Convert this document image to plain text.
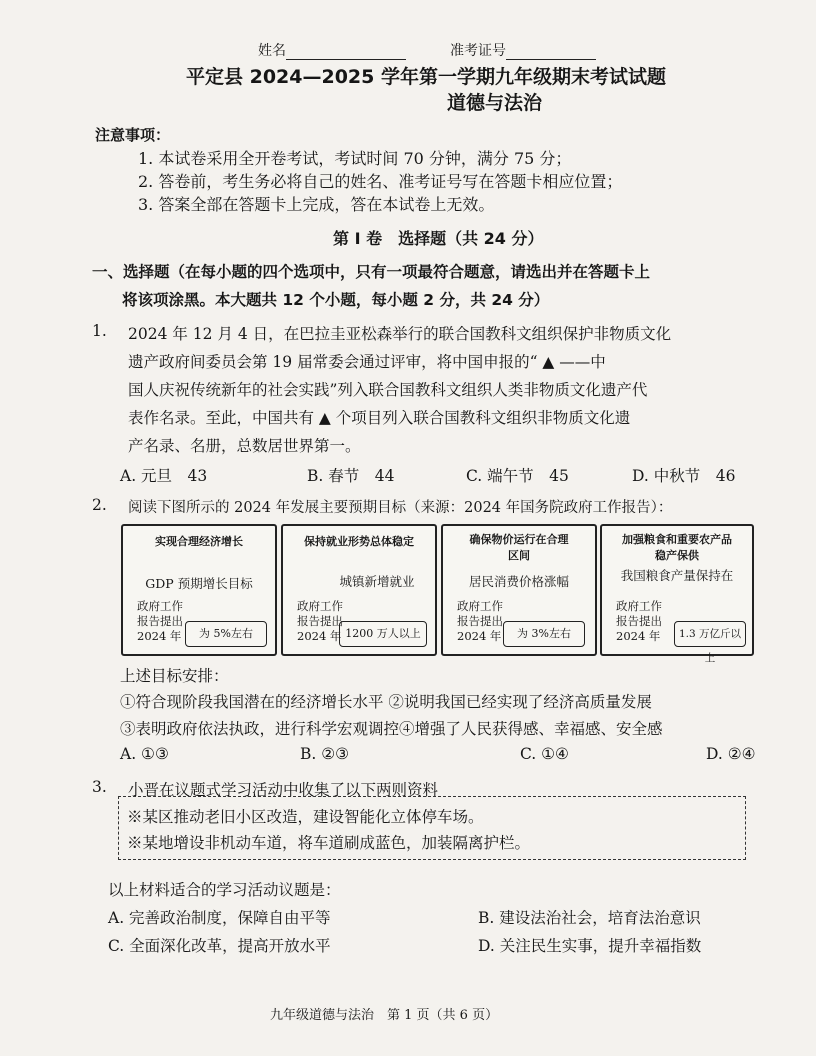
姓名	准考证号
平定县 2024—2025 学年第一学期九年级期末考试试题
道德与法治
注意事项：
1. 本试卷采用全开卷考试，考试时间 70 分钟，满分 75 分；
2. 答卷前，考生务必将自己的姓名、准考证号写在答题卡相应位置；
3. 答案全部在答题卡上完成，答在本试卷上无效。
第 Ⅰ 卷　选择题（共 24 分）
一、选择题（在每小题的四个选项中，只有一项最符合题意，请选出并在答题卡上
将该项涂黑。本大题共 12 个小题，每小题 2 分，共 24 分）
1. 2024 年 12 月 4 日，在巴拉圭亚松森举行的联合国教科文组织保护非物质文化
遗产政府间委员会第 19 届常委会通过评审，将中国申报的“ ▲ ——中
国人庆祝传统新年的社会实践”列入联合国教科文组织人类非物质文化遗产代
表作名录。至此，中国共有 ▲ 个项目列入联合国教科文组织非物质文化遗
产名录、名册，总数居世界第一。
A. 元旦　43	B. 春节　44	C. 端午节　45	D. 中秋节　46
2. 阅读下图所示的 2024 年发展主要预期目标（来源：2024 年国务院政府工作报告）：
实现合理经济增长
GDP 预期增长目标
政府工作
报告提出
2024 年	为 5%左右
保持就业形势总体稳定
城镇新增就业
政府工作
报告提出
2024 年 1200 万人以上
确保物价运行在合理
区间
居民消费价格涨幅
政府工作
报告提出
2024 年	为 3%左右
加强粮食和重要农产品
稳产保供
我国粮食产量保持在
政府工作
报告提出
2024 年	1.3 万亿斤以上
上述目标安排：
①符合现阶段我国潜在的经济增长水平 ②说明我国已经实现了经济高质量发展
③表明政府依法执政，进行科学宏观调控④增强了人民获得感、幸福感、安全感
A. ①③	B. ②③	C. ①④	D. ②④
3. 小晋在议题式学习活动中收集了以下两则资料
※某区推动老旧小区改造，建设智能化立体停车场。
※某地增设非机动车道，将车道刷成蓝色，加装隔离护栏。
以上材料适合的学习活动议题是：
A. 完善政治制度，保障自由平等	B. 建设法治社会，培育法治意识
C. 全面深化改革，提高开放水平	D. 关注民生实事，提升幸福指数
九年级道德与法治　第 1 页（共 6 页）
